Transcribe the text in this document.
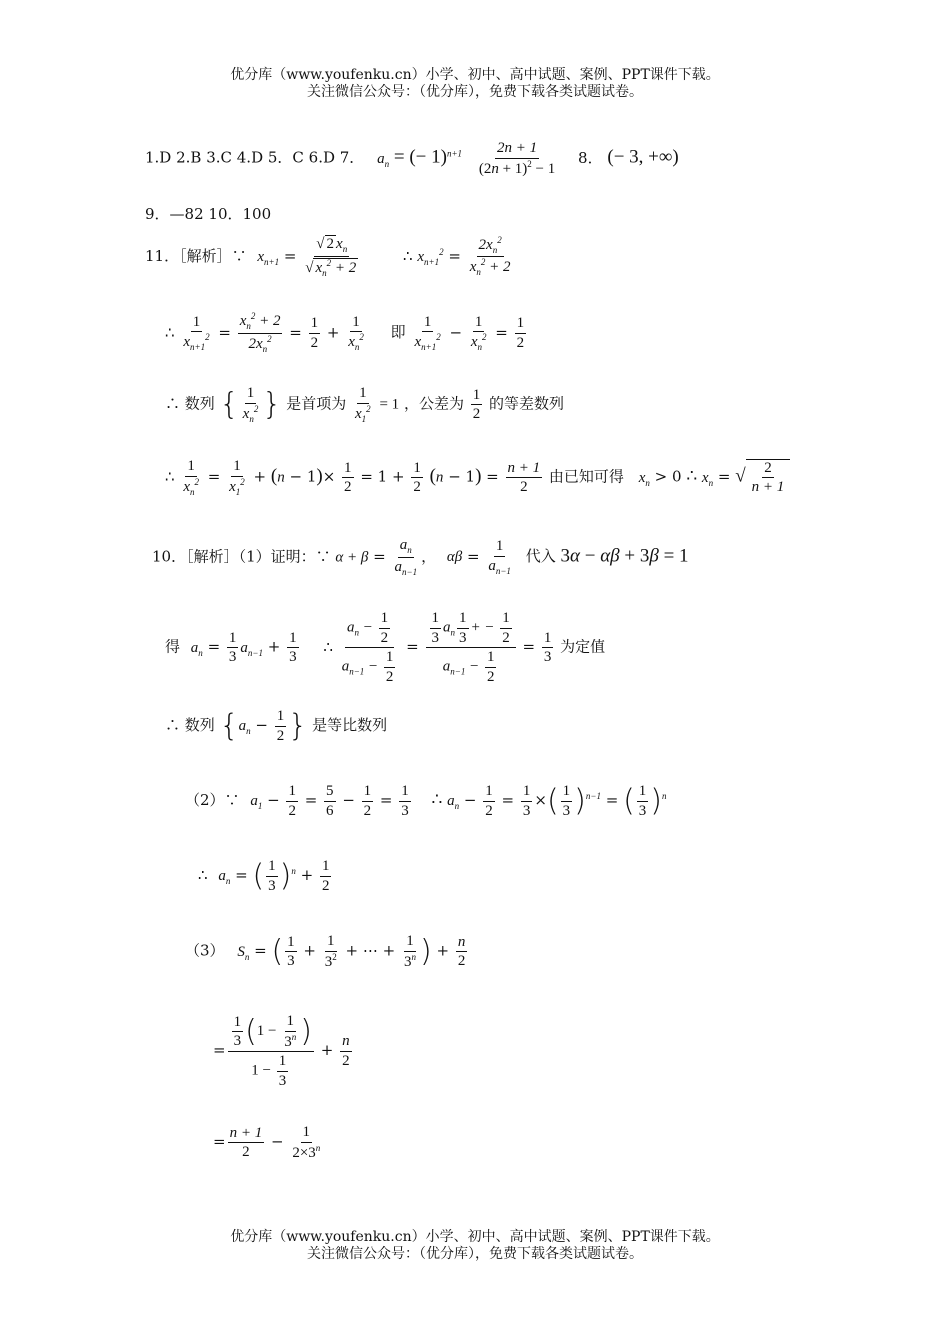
优分库（www.youfenku.cn）小学、初中、高中试题、案例、PPT课件下载。
关注微信公众号：（优分库），免费下载各类试题试卷。
1.D 2.B 3.C 4.D 5．C 6.D 7． $a_n$ = (− $1)^{n+1} \frac{2n + 1}{(2n + 1)^2 - 1} 8$． (− 3, +∞)
9．—82 10．100
11．［解析］∵ $x_{n+1} = \frac{√ 2 x_n}{√ x_n^2 + 2}$	∴ $x_{n+1}^2 = \frac{2x_n^2}{x_n^2 + 2}$
∴ $\frac{1}{x_{n+1}^2} = \frac{x_n^2 + 2}{2x_n^2} = \frac{1}{2} + \frac{1}{x_n^2}$ 即 $\frac{1}{x_{n+1}^2} - \frac{1}{x_n^2} = \frac{1}{2}$
∴ 数列 { $\frac{1}{x_n^2}$ } 是首项为 $\frac{1}{x_1^2} = 1$ ，公差为 $\frac{1}{2}$ 的等差数列
∴ $\frac{1}{x_n^2} = \frac{1}{x_1^2} + (n - 1)\times \frac{1}{2} = 1 + \frac{1}{2} (n - 1) = \frac{n + 1}{2}$ 由已知可得 $x_n > 0$ ∴ $x_n$ = √ $\frac{2}{n + 1}$
10．［解析］（1）证明：∵ $\alpha + \beta = \frac{a_n}{a_{n-1}}$ ， $\alpha\beta = \frac{1}{a_{n-1}}$ 代入 3α − αβ + 3β = 1
得 $a_n = \frac{1}{3} a_{n-1} + \frac{1}{3}$ ∴ $\frac{a_n - \frac{1}{2}}{a_{n-1} - \frac{1}{2}} = \frac{\frac{1}{3} a_n \frac{1}{3} + - \frac{1}{2}}{a_{n-1} - \frac{1}{2}} = \frac{1}{3}$ 为定值
∴ 数列 {$a_n - \frac{1}{2}$ } 是等比数列
（2）∵ $a_1 - \frac{1}{2} = \frac{5}{6} - \frac{1}{2} = \frac{1}{3}$ ∴ $a_n - \frac{1}{2} = \frac{1}{3}$ ×( $\frac{1}{3} )^{n-1}$ = ( $\frac{1}{3} )^n$
∴ $a_n$ = ( $\frac{1}{3} )^n + \frac{1}{2}$
（3） $S_n$ = ( $\frac{1}{3} + \frac{1}{3^2}$ + ⋯ + $\frac{1}{3^n}$ ) + $\frac{n}{2}$
= $\frac{\frac{1}{3} (1 - \frac{1}{3^n} )}{1 - \frac{1}{3}} + \frac{n}{2}$
= $\frac{n + 1}{2} - \frac{1}{2\times 3^n}$
优分库（www.youfenku.cn）小学、初中、高中试题、案例、PPT课件下载。
关注微信公众号：（优分库），免费下载各类试题试卷。
